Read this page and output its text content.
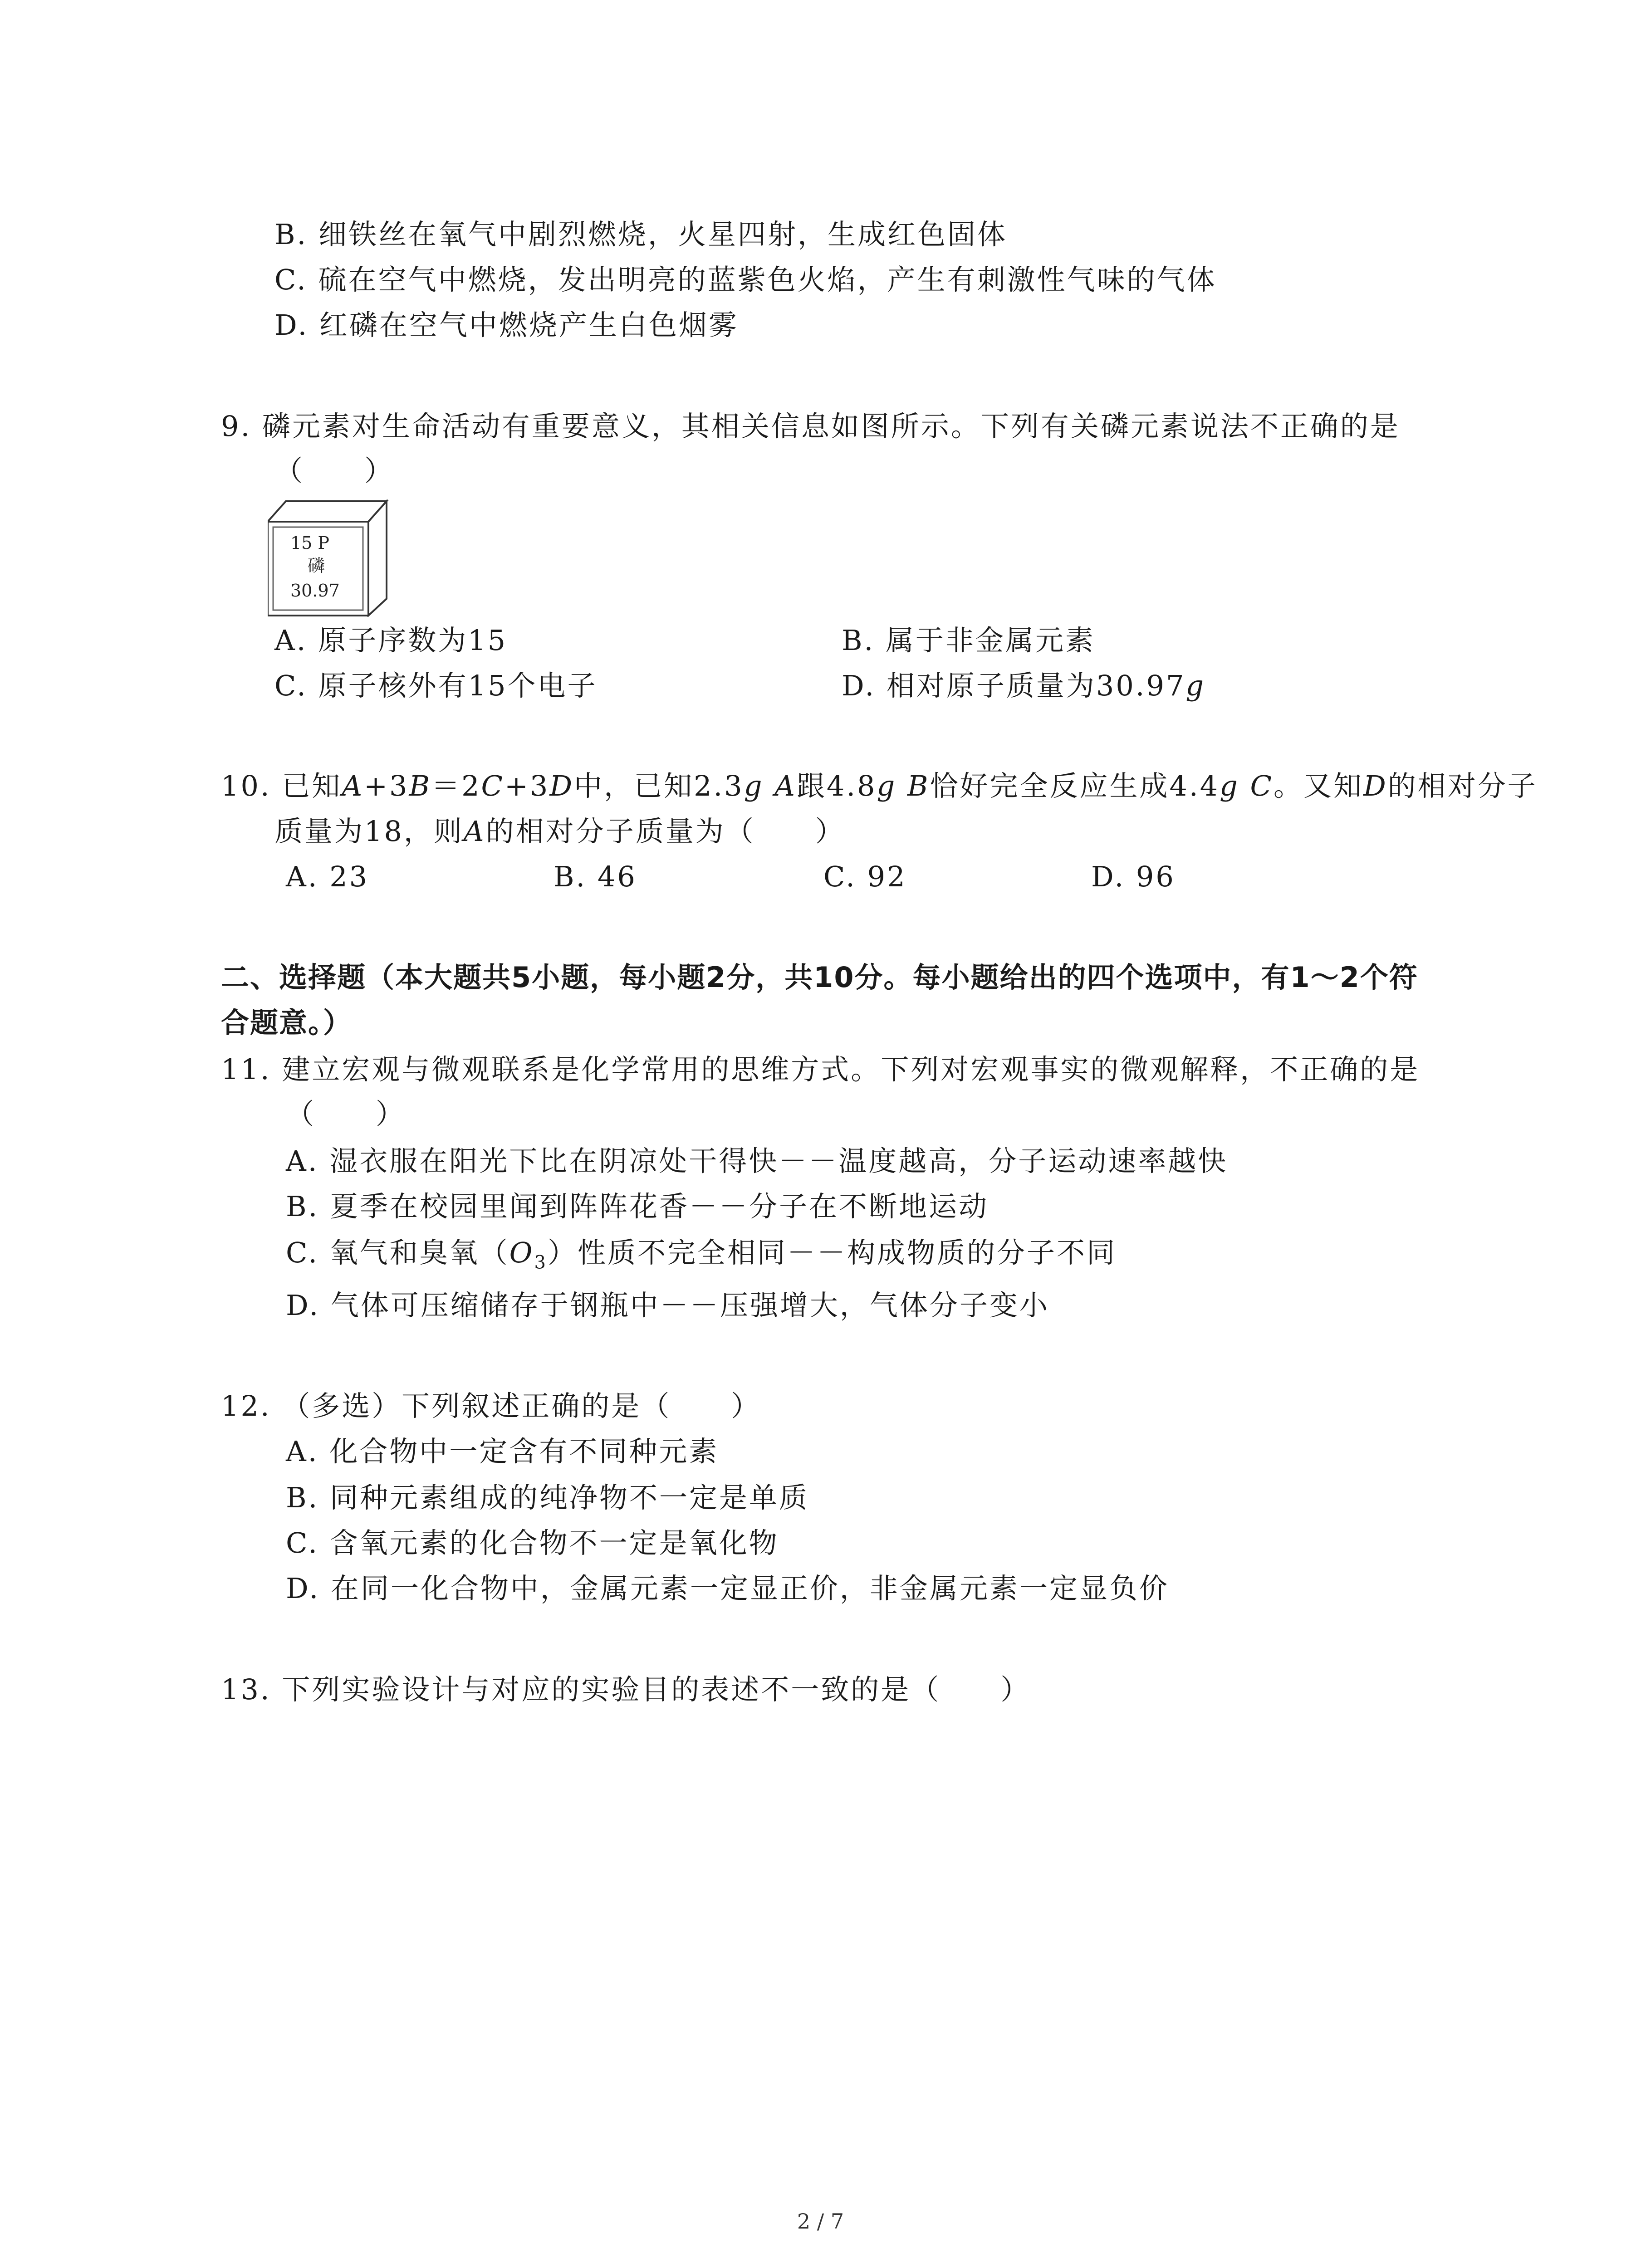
B. 细铁丝在氧气中剧烈燃烧，火星四射，生成红色固体
C. 硫在空气中燃烧，发出明亮的蓝紫色火焰，产生有刺激性气味的气体
D. 红磷在空气中燃烧产生白色烟雾
9. 磷元素对生命活动有重要意义，其相关信息如图所示。下列有关磷元素说法不正确的是
（　　）
15 P
磷
30.97
A. 原子序数为15	B. 属于非金属元素
C. 原子核外有15个电子	D. 相对原子质量为30.97g
10. 已知A+3B＝2C+3D中，已知2.3g A跟4.8g B恰好完全反应生成4.4g C。又知D的相对分子
质量为18，则A的相对分子质量为（　　）
A. 23	B. 46	C. 92	D. 96
二、选择题（本大题共5小题，每小题2分，共10分。每小题给出的四个选项中，有1～2个符
合题意。）
11. 建立宏观与微观联系是化学常用的思维方式。下列对宏观事实的微观解释，不正确的是
（　　）
A. 湿衣服在阳光下比在阴凉处干得快－－温度越高，分子运动速率越快
B. 夏季在校园里闻到阵阵花香－－分子在不断地运动
C. 氧气和臭氧$(O_3)$性质不完全相同－－构成物质的分子不同
D. 气体可压缩储存于钢瓶中－－压强增大，气体分子变小
12. （多选）下列叙述正确的是（　　）
A. 化合物中一定含有不同种元素
B. 同种元素组成的纯净物不一定是单质
C. 含氧元素的化合物不一定是氧化物
D. 在同一化合物中，金属元素一定显正价，非金属元素一定显负价
13. 下列实验设计与对应的实验目的表述不一致的是（　　）
2 / 7
